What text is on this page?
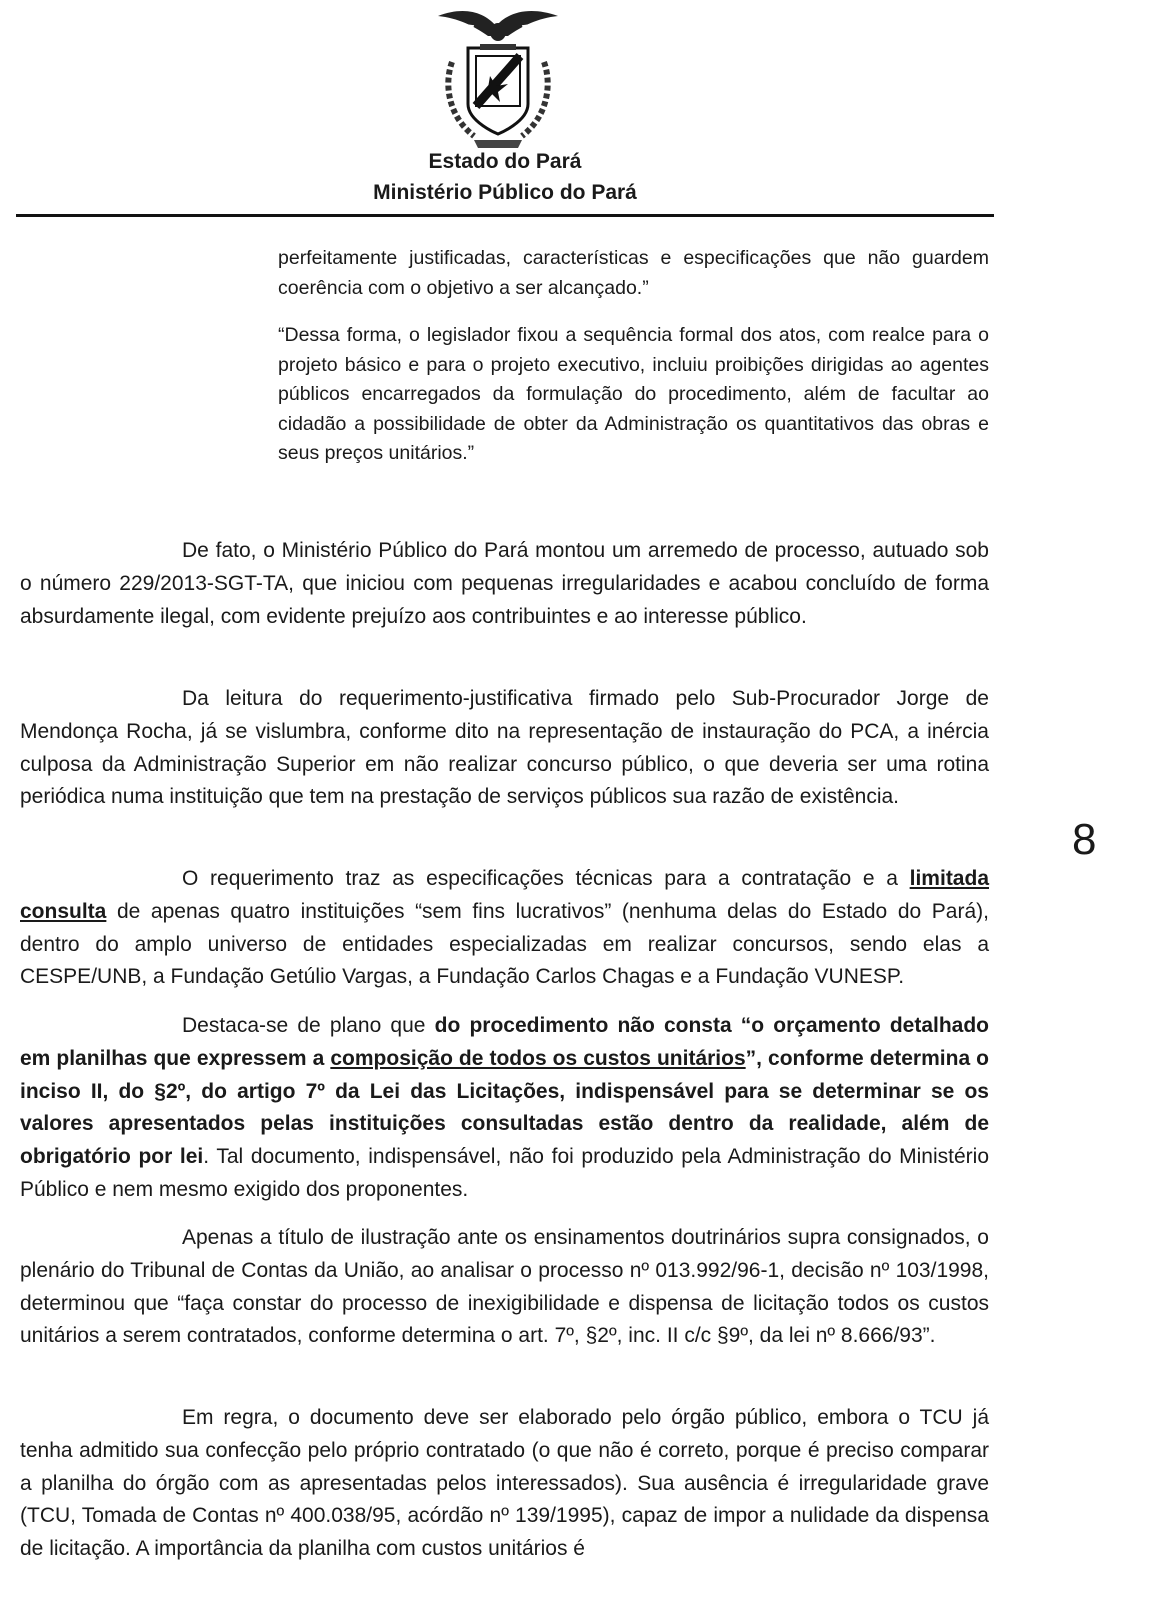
Estado do Pará
Ministério Público do Pará

perfeitamente justificadas, características e especificações que não guardem coerência com o objetivo a ser alcançado.”

“Dessa forma, o legislador fixou a sequência formal dos atos, com realce para o projeto básico e para o projeto executivo, incluiu proibições dirigidas ao agentes públicos encarregados da formulação do procedimento, além de facultar ao cidadão a possibilidade de obter da Administração os quantitativos das obras e seus preços unitários.”

De fato, o Ministério Público do Pará montou um arremedo de processo, autuado sob o número 229/2013-SGT-TA, que iniciou com pequenas irregularidades e acabou concluído de forma absurdamente ilegal, com evidente prejuízo aos contribuintes e ao interesse público.

Da leitura do requerimento-justificativa firmado pelo Sub-Procurador Jorge de Mendonça Rocha, já se vislumbra, conforme dito na representação de instauração do PCA, a inércia culposa da Administração Superior em não realizar concurso público, o que deveria ser uma rotina periódica numa instituição que tem na prestação de serviços públicos sua razão de existência.

O requerimento traz as especificações técnicas para a contratação e a limitada consulta de apenas quatro instituições “sem fins lucrativos” (nenhuma delas do Estado do Pará), dentro do amplo universo de entidades especializadas em realizar concursos, sendo elas a CESPE/UNB, a Fundação Getúlio Vargas, a Fundação Carlos Chagas e a Fundação VUNESP.

Destaca-se de plano que do procedimento não consta “o orçamento detalhado em planilhas que expressem a composição de todos os custos unitários”, conforme determina o inciso II, do §2º, do artigo 7º da Lei das Licitações, indispensável para se determinar se os valores apresentados pelas instituições consultadas estão dentro da realidade, além de obrigatório por lei. Tal documento, indispensável, não foi produzido pela Administração do Ministério Público e nem mesmo exigido dos proponentes.

Apenas a título de ilustração ante os ensinamentos doutrinários supra consignados, o plenário do Tribunal de Contas da União, ao analisar o processo nº 013.992/96-1, decisão nº 103/1998, determinou que “faça constar do processo de inexigibilidade e dispensa de licitação todos os custos unitários a serem contratados, conforme determina o art. 7º, §2º, inc. II c/c §9º, da lei nº 8.666/93”.

Em regra, o documento deve ser elaborado pelo órgão público, embora o TCU já tenha admitido sua confecção pelo próprio contratado (o que não é correto, porque é preciso comparar a planilha do órgão com as apresentadas pelos interessados). Sua ausência é irregularidade grave (TCU, Tomada de Contas nº 400.038/95, acórdão nº 139/1995), capaz de impor a nulidade da dispensa de licitação. A importância da planilha com custos unitários é

8
